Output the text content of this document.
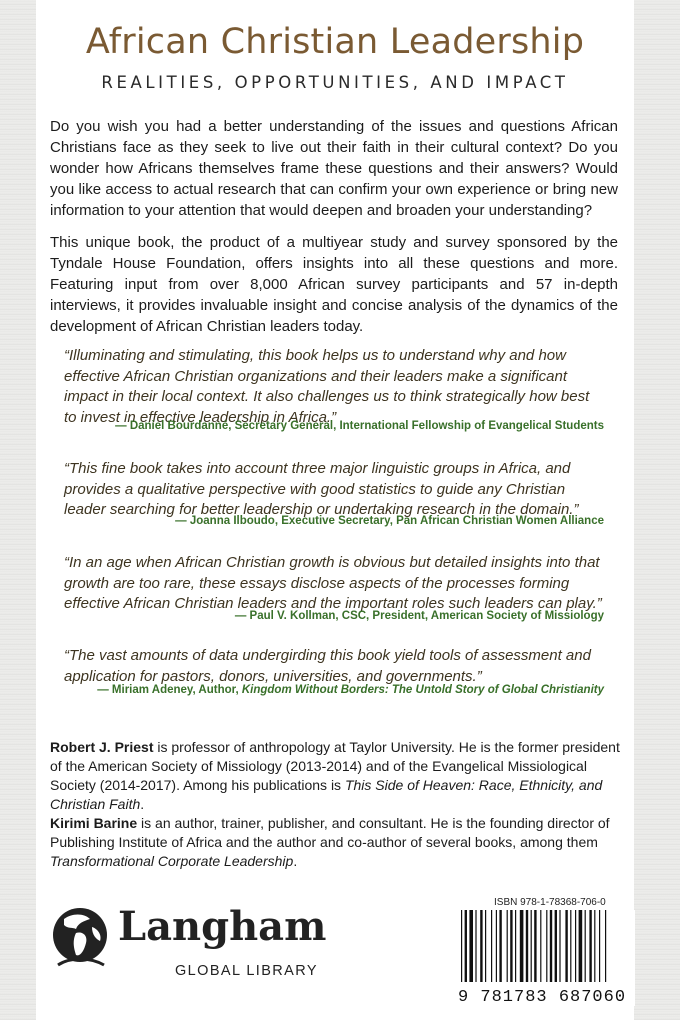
African Christian Leadership
REALITIES, OPPORTUNITIES, AND IMPACT

Do you wish you had a better understanding of the issues and questions African Christians face as they seek to live out their faith in their cultural context? Do you wonder how Africans themselves frame these questions and their answers? Would you like access to actual research that can confirm your own experience or bring new information to your attention that would deepen and broaden your understanding?

This unique book, the product of a multiyear study and survey sponsored by the Tyndale House Foundation, offers insights into all these questions and more. Featuring input from over 8,000 African survey participants and 57 in-depth interviews, it provides invaluable insight and concise analysis of the dynamics of the development of African Christian leaders today.

“Illuminating and stimulating, this book helps us to understand why and how effective African Christian organizations and their leaders make a significant impact in their local context. It also challenges us to think strategically how best to invest in effective leadership in Africa.”

— Daniel Bourdanné, Secretary General, International Fellowship of Evangelical Students

“This fine book takes into account three major linguistic groups in Africa, and provides a qualitative perspective with good statistics to guide any Christian leader searching for better leadership or undertaking research in the domain.”

— Joanna Ilboudo, Executive Secretary, Pan African Christian Women Alliance

“In an age when African Christian growth is obvious but detailed insights into that growth are too rare, these essays disclose aspects of the processes forming effective African Christian leaders and the important roles such leaders can play.”

— Paul V. Kollman, CSC, President, American Society of Missiology

“The vast amounts of data undergirding this book yield tools of assessment and application for pastors, donors, universities, and governments.”

— Miriam Adeney, Author, Kingdom Without Borders: The Untold Story of Global Christianity

Robert J. Priest is professor of anthropology at Taylor University. He is the former president of the American Society of Missiology (2013-2014) and of the Evangelical Missiological Society (2014-2017). Among his publications is This Side of Heaven: Race, Ethnicity, and Christian Faith.

Kirimi Barine is an author, trainer, publisher, and consultant. He is the founding director of Publishing Institute of Africa and the author and co-author of several books, among them Transformational Corporate Leadership.

Langham
GLOBAL LIBRARY
ISBN 978-1-78368-706-0
9 781783 687060
